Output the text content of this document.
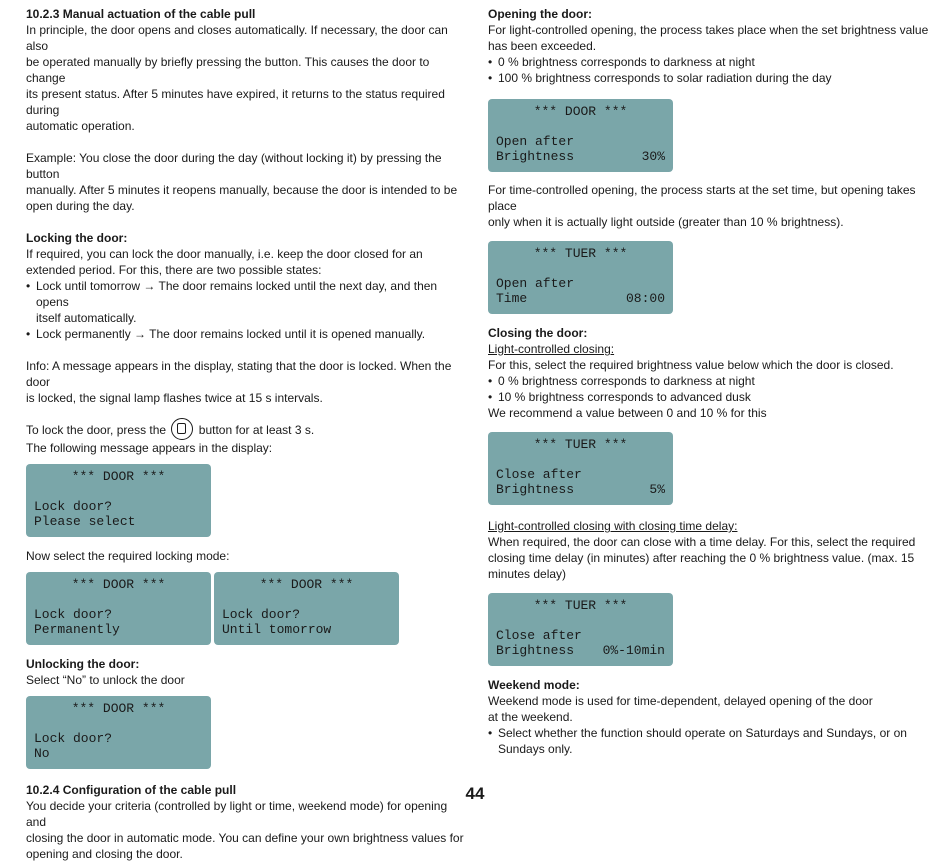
10.2.3 Manual actuation of the cable pull

In principle, the door opens and closes automatically. If necessary, the door can also
be operated manually by briefly pressing the button. This causes the door to change
its present status. After 5 minutes have expired, it returns to the status required during
automatic operation.

Example: You close the door during the day (without locking it) by pressing the button
manually. After 5 minutes it reopens manually, because the door is intended to be
open during the day.

Locking the door:

If required, you can lock the door manually, i.e. keep the door closed for an
extended period. For this, there are two possible states:

• Lock until tomorrow → The door remains locked until the next day, and then opens
itself automatically.

• Lock permanently → The door remains locked until it is opened manually.

Info: A message appears in the display, stating that the door is locked. When the door
is locked, the signal lamp flashes twice at 15 s intervals.

To lock the door, press the	button for at least 3 s.

The following message appears in the display:

*** DOOR ***
Lock door?
Please select

Now select the required locking mode:

*** DOOR ***
Lock door?
Permanently
*** DOOR ***
Lock door?
Until tomorrow

Unlocking the door:

Select “No” to unlock the door

*** DOOR ***
Lock door?
No

10.2.4 Configuration of the cable pull

You decide your criteria (controlled by light or time, weekend mode) for opening and
closing the door in automatic mode. You can define your own brightness values for
opening and closing the door.

Opening the door:

For light-controlled opening, the process takes place when the set brightness value
has been exceeded.

• 0 % brightness corresponds to darkness at night

• 100 % brightness corresponds to solar radiation during the day

*** DOOR ***
Open after
Brightness	30%

For time-controlled opening, the process starts at the set time, but opening takes place
only when it is actually light outside (greater than 10 % brightness).

*** TUER ***
Open after
Time	08:00

Closing the door:

Light-controlled closing:

For this, select the required brightness value below which the door is closed.

• 0 % brightness corresponds to darkness at night

• 10 % brightness corresponds to advanced dusk

We recommend a value between 0 and 10 % for this

*** TUER ***
Close after
Brightness	5%

Light-controlled closing with closing time delay:

When required, the door can close with a time delay. For this, select the required
closing time delay (in minutes) after reaching the 0 % brightness value. (max. 15
minutes delay)

*** TUER ***
Close after
Brightness 0%-10min

Weekend mode:

Weekend mode is used for time-dependent, delayed opening of the door
at the weekend.

• Select whether the function should operate on Saturdays and Sundays, or on
Sundays only.

44
